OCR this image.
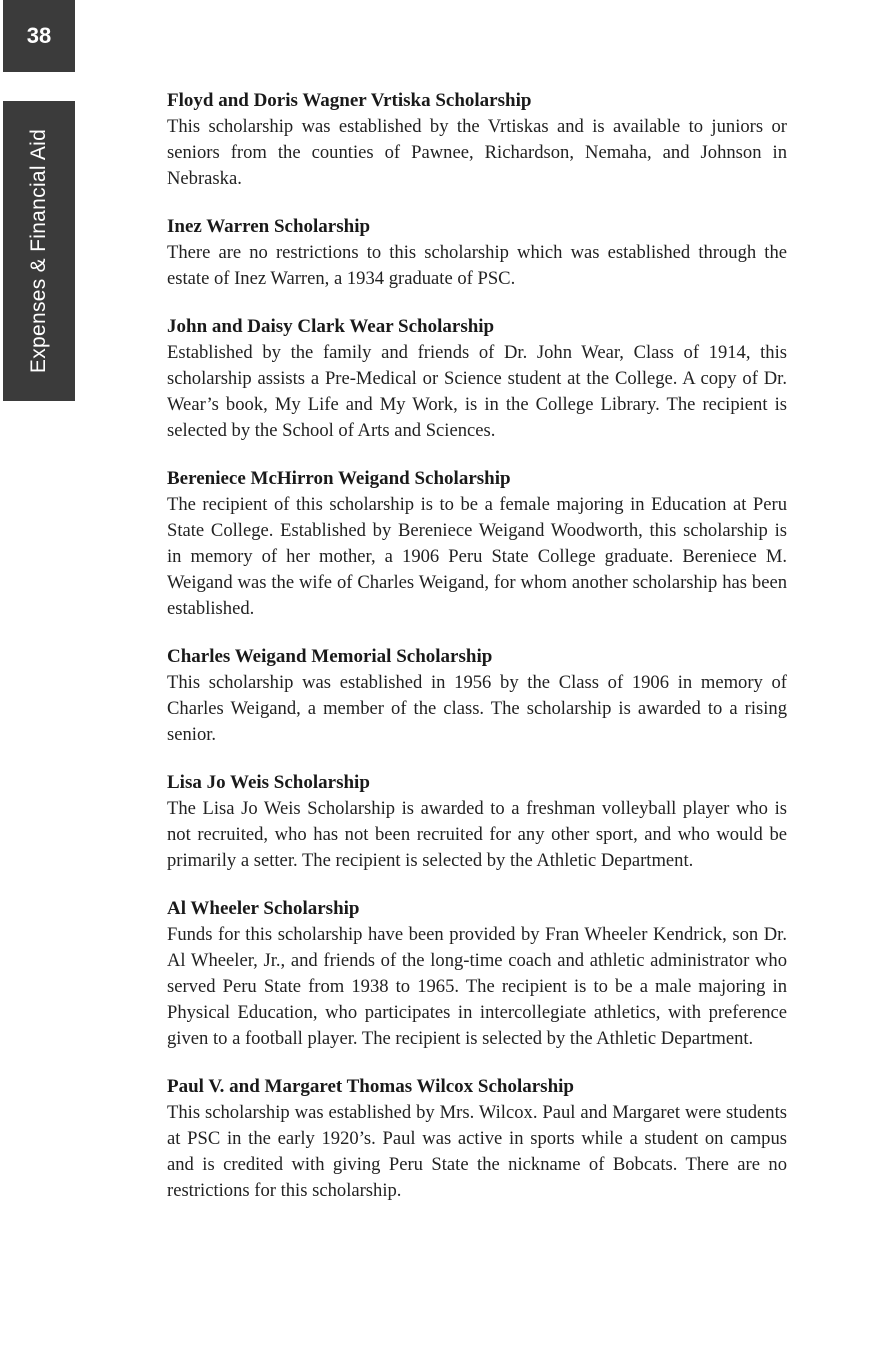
38
Expenses & Financial Aid

Floyd and Doris Wagner Vrtiska Scholarship

This scholarship was established by the Vrtiskas and is available to juniors or seniors from the counties of Pawnee, Richardson, Nemaha, and Johnson in Nebraska.

Inez Warren Scholarship

There are no restrictions to this scholarship which was established through the estate of Inez Warren, a 1934 graduate of PSC.

John and Daisy Clark Wear Scholarship

Established by the family and friends of Dr. John Wear, Class of 1914, this scholarship assists a Pre-Medical or Science student at the College. A copy of Dr. Wear’s book, My Life and My Work, is in the College Library. The recipient is selected by the School of Arts and Sciences.

Bereniece McHirron Weigand Scholarship

The recipient of this scholarship is to be a female majoring in Education at Peru State College. Established by Bereniece Weigand Woodworth, this scholarship is in memory of her mother, a 1906 Peru State College graduate. Bereniece M. Weigand was the wife of Charles Weigand, for whom another scholarship has been established.

Charles Weigand Memorial Scholarship

This scholarship was established in 1956 by the Class of 1906 in memory of Charles Weigand, a member of the class. The scholarship is awarded to a rising senior.

Lisa Jo Weis Scholarship

The Lisa Jo Weis Scholarship is awarded to a freshman volleyball player who is not recruited, who has not been recruited for any other sport, and who would be primarily a setter. The recipient is selected by the Athletic Department.

Al Wheeler Scholarship

Funds for this scholarship have been provided by Fran Wheeler Kendrick, son Dr. Al Wheeler, Jr., and friends of the long-time coach and athletic administrator who served Peru State from 1938 to 1965. The recipient is to be a male majoring in Physical Education, who participates in intercollegiate athletics, with preference given to a football player. The recipient is selected by the Athletic Department.

Paul V. and Margaret Thomas Wilcox Scholarship

This scholarship was established by Mrs. Wilcox. Paul and Margaret were students at PSC in the early 1920’s. Paul was active in sports while a student on campus and is credited with giving Peru State the nickname of Bobcats. There are no restrictions for this scholarship.
